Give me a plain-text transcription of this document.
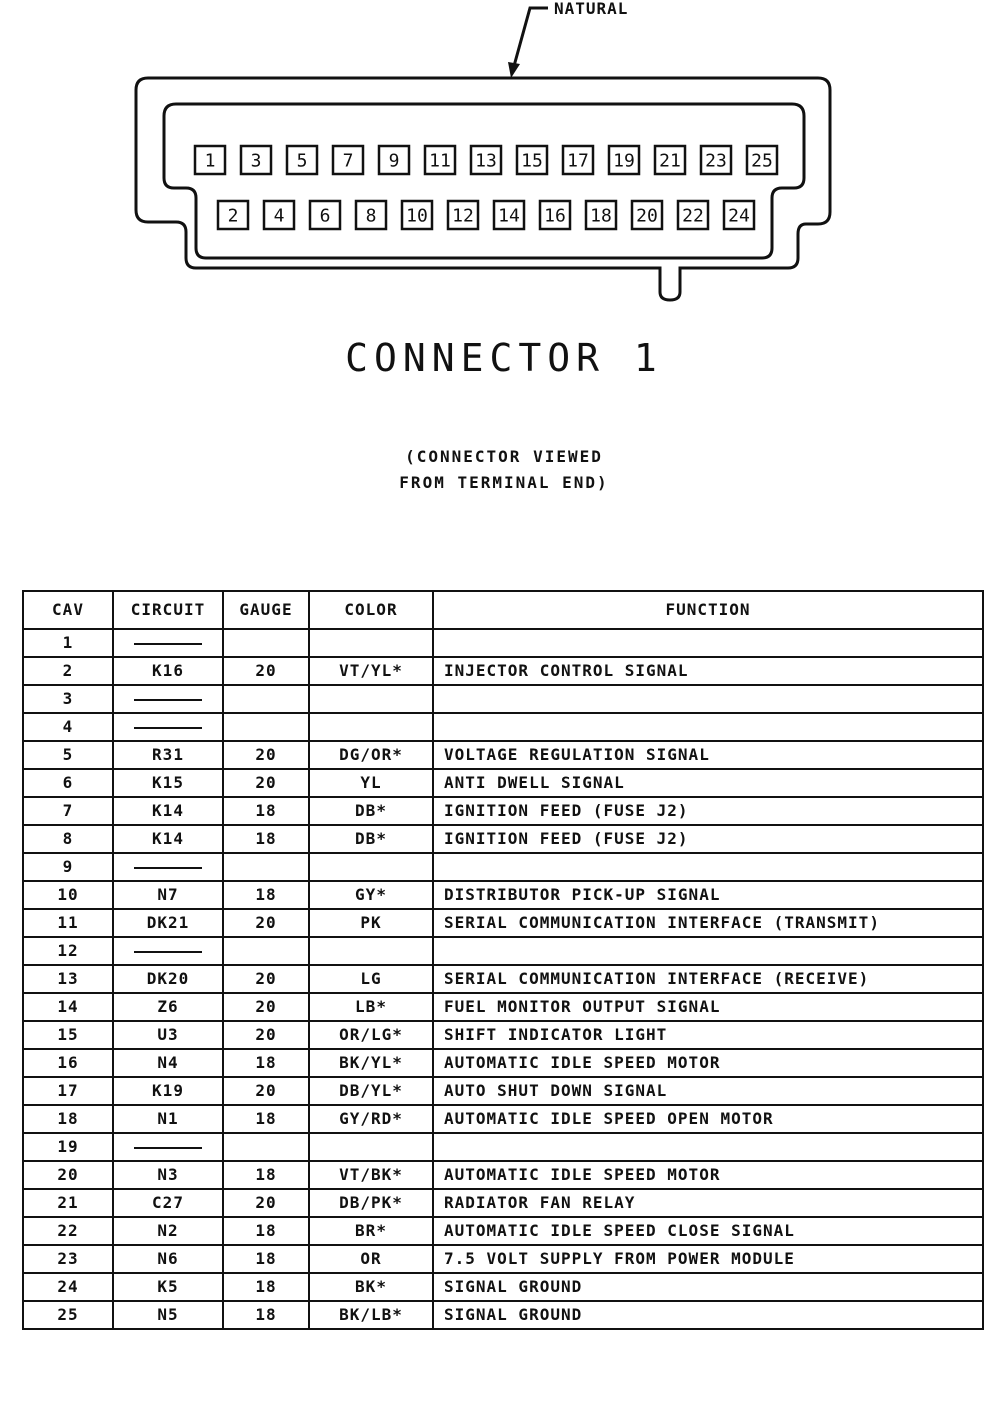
NATURAL
1 3 5 7 9 11 13 15 17 19 21 23 25
2 4 6 8 10 12 14 16 18 20 22 24
CONNECTOR 1
(CONNECTOR VIEWED
FROM TERMINAL END)
CAV	CIRCUIT	GAUGE	COLOR	FUNCTION
1				
2	K16	20	VT/YL*	INJECTOR CONTROL SIGNAL
3				
4				
5	R31	20	DG/OR*	VOLTAGE REGULATION SIGNAL
6	K15	20	YL	ANTI DWELL SIGNAL
7	K14	18	DB*	IGNITION FEED (FUSE J2)
8	K14	18	DB*	IGNITION FEED (FUSE J2)
9				
10	N7	18	GY*	DISTRIBUTOR PICK-UP SIGNAL
11	DK21	20	PK	SERIAL COMMUNICATION INTERFACE (TRANSMIT)
12				
13	DK20	20	LG	SERIAL COMMUNICATION INTERFACE (RECEIVE)
14	Z6	20	LB*	FUEL MONITOR OUTPUT SIGNAL
15	U3	20	OR/LG*	SHIFT INDICATOR LIGHT
16	N4	18	BK/YL*	AUTOMATIC IDLE SPEED MOTOR
17	K19	20	DB/YL*	AUTO SHUT DOWN SIGNAL
18	N1	18	GY/RD*	AUTOMATIC IDLE SPEED OPEN MOTOR
19				
20	N3	18	VT/BK*	AUTOMATIC IDLE SPEED MOTOR
21	C27	20	DB/PK*	RADIATOR FAN RELAY
22	N2	18	BR*	AUTOMATIC IDLE SPEED CLOSE SIGNAL
23	N6	18	OR	7.5 VOLT SUPPLY FROM POWER MODULE
24	K5	18	BK*	SIGNAL GROUND
25	N5	18	BK/LB*	SIGNAL GROUND
